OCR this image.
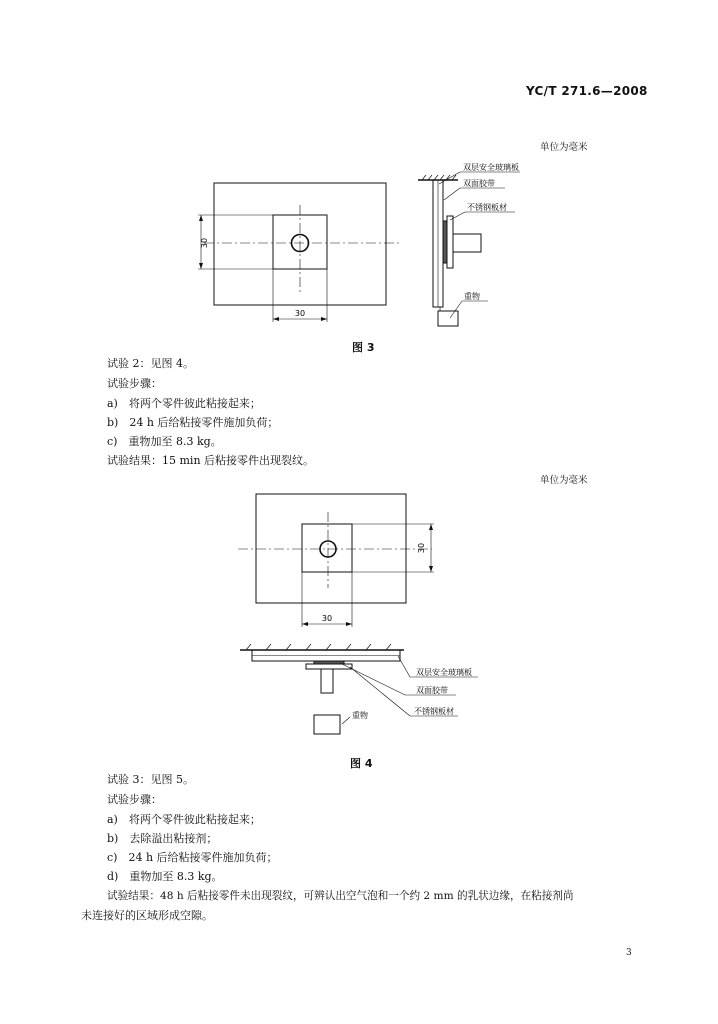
YC/T 271.6—2008
单位为毫米
30
30
双层安全玻璃板
双面胶带
不锈钢板材
重物
图 3
试验 2：见图 4。
试验步骤：
a)　将两个零件彼此粘接起来；
b)　24 h 后给粘接零件施加负荷；
c)　重物加至 8.3 kg。
试验结果：15 min 后粘接零件出现裂纹。
单位为毫米
30
30
双层安全玻璃板
双面胶带
不锈钢板材
重物
图 4
试验 3：见图 5。
试验步骤：
a)　将两个零件彼此粘接起来；
b)　去除溢出粘接剂；
c)　24 h 后给粘接零件施加负荷；
d)　重物加至 8.3 kg。
试验结果：48 h 后粘接零件未出现裂纹，可辨认出空气泡和一个约 2 mm 的乳状边缘，在粘接剂尚
未连接好的区域形成空隙。
3
